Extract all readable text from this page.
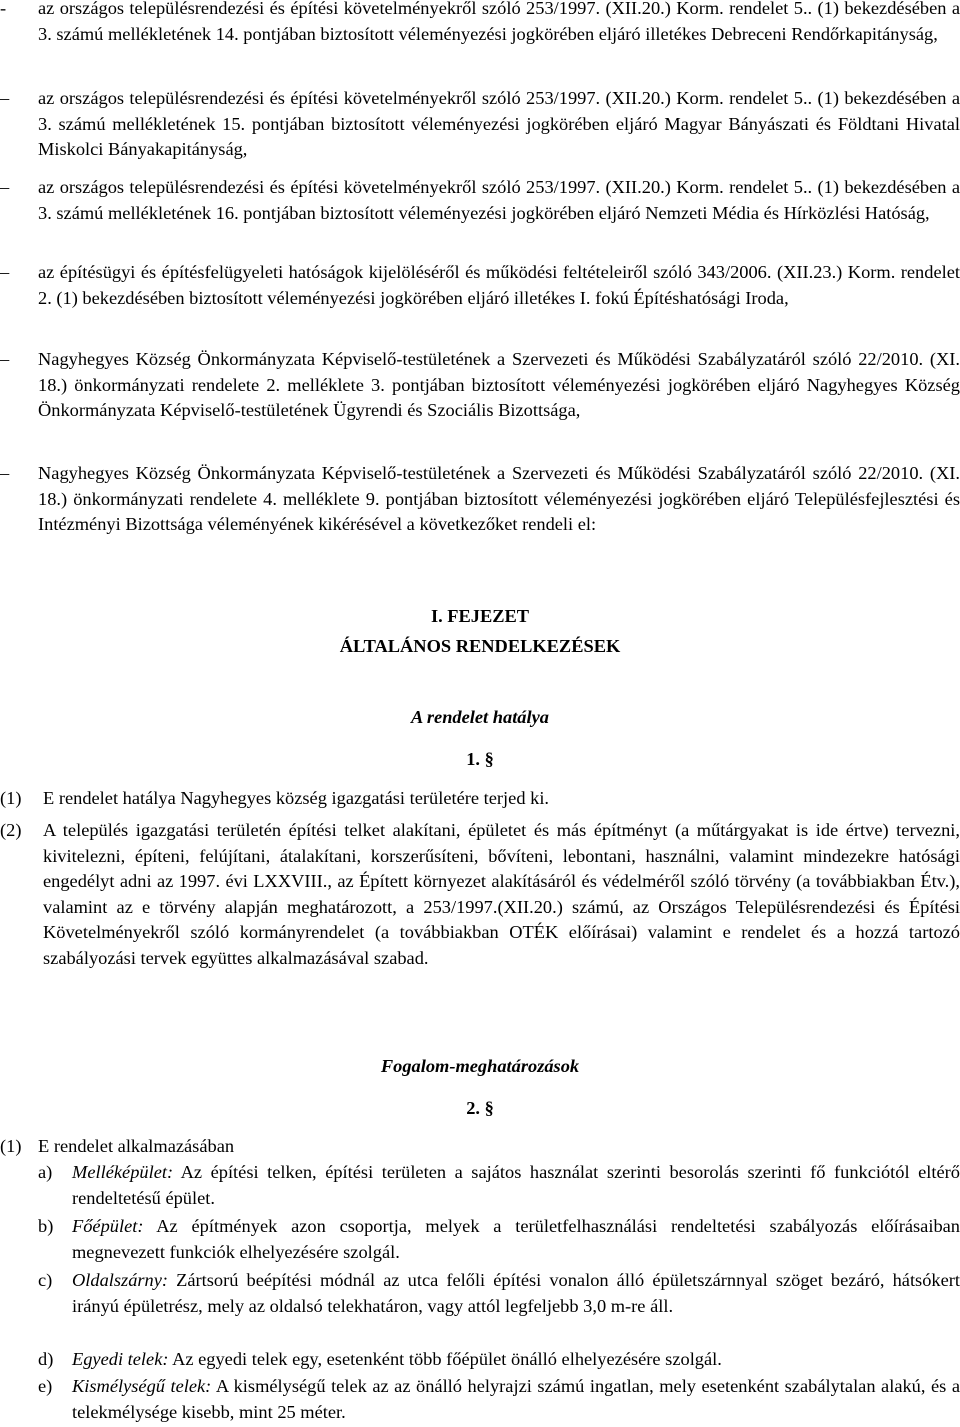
- az országos településrendezési és építési követelményekről szóló 253/1997. (XII.20.) Korm. rendelet 5.. (1) bekezdésében a 3. számú mellékletének 14. pontjában biztosított véleményezési jogkörében eljáró illetékes Debreceni Rendőrkapitányság,
– az országos településrendezési és építési követelményekről szóló 253/1997. (XII.20.) Korm. rendelet 5.. (1) bekezdésében a 3. számú mellékletének 15. pontjában biztosított véleményezési jogkörében eljáró Magyar Bányászati és Földtani Hivatal Miskolci Bányakapitányság,
– az országos településrendezési és építési követelményekről szóló 253/1997. (XII.20.) Korm. rendelet 5.. (1) bekezdésében a 3. számú mellékletének 16. pontjában biztosított véleményezési jogkörében eljáró Nemzeti Média és Hírközlési Hatóság,
– az építésügyi és építésfelügyeleti hatóságok kijelöléséről és működési feltételeiről szóló 343/2006. (XII.23.) Korm. rendelet 2. (1) bekezdésében biztosított véleményezési jogkörében eljáró illetékes I. fokú Építéshatósági Iroda,
– Nagyhegyes Község Önkormányzata Képviselő-testületének a Szervezeti és Működési Szabályzatáról szóló 22/2010. (XI. 18.) önkormányzati rendelete 2. melléklete 3. pontjában biztosított véleményezési jogkörében eljáró Nagyhegyes Község Önkormányzata Képviselő-testületének Ügyrendi és Szociális Bizottsága,
– Nagyhegyes Község Önkormányzata Képviselő-testületének a Szervezeti és Működési Szabályzatáról szóló 22/2010. (XI. 18.) önkormányzati rendelete 4. melléklete 9. pontjában biztosított véleményezési jogkörében eljáró Településfejlesztési és Intézményi Bizottsága véleményének kikérésével a következőket rendeli el:
I. FEJEZET
ÁLTALÁNOS RENDELKEZÉSEK
A rendelet hatálya
1. §
(1) E rendelet hatálya Nagyhegyes község igazgatási területére terjed ki.
(2) A település igazgatási területén építési telket alakítani, épületet és más építményt (a műtárgyakat is ide értve) tervezni, kivitelezni, építeni, felújítani, átalakítani, korszerűsíteni, bővíteni, lebontani, használni, valamint mindezekre hatósági engedélyt adni az 1997. évi LXXVIII., az Épített környezet alakításáról és védelméről szóló törvény (a továbbiakban Étv.), valamint az e törvény alapján meghatározott, a 253/1997.(XII.20.) számú, az Országos Településrendezési és Építési Követelményekről szóló kormányrendelet (a továbbiakban OTÉK előírásai) valamint e rendelet és a hozzá tartozó szabályozási tervek együttes alkalmazásával szabad.
Fogalom-meghatározások
2. §
(1) E rendelet alkalmazásában
a) Melléképület: Az építési telken, építési területen a sajátos használat szerinti besorolás szerinti fő funkciótól eltérő rendeltetésű épület.
b) Főépület: Az építmények azon csoportja, melyek a területfelhasználási rendeltetési szabályozás előírásaiban megnevezett funkciók elhelyezésére szolgál.
c) Oldalszárny: Zártsorú beépítési módnál az utca felőli építési vonalon álló épületszárnnyal szöget bezáró, hátsókert irányú épületrész, mely az oldalsó telekhatáron, vagy attól legfeljebb 3,0 m-re áll.
d) Egyedi telek: Az egyedi telek egy, esetenként több főépület önálló elhelyezésére szolgál.
e) Kismélységű telek: A kismélységű telek az az önálló helyrajzi számú ingatlan, mely esetenként szabálytalan alakú, és a telekmélysége kisebb, mint 25 méter.
